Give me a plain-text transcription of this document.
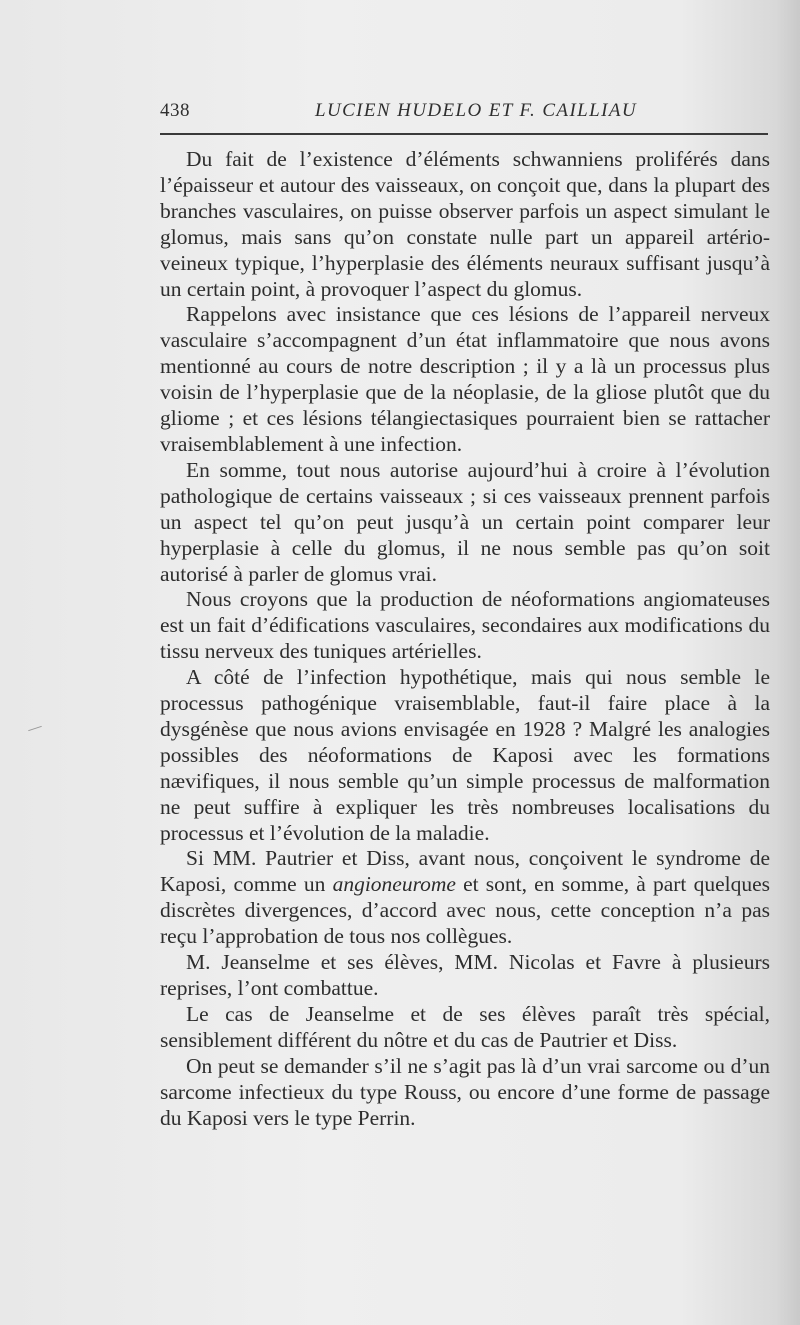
438	LUCIEN HUDELO ET F. CAILLIAU

Du fait de l’existence d’éléments schwanniens proliférés dans l’épaisseur et autour des vaisseaux, on conçoit que, dans la plupart des branches vasculaires, on puisse observer parfois un aspect simulant le glomus, mais sans qu’on constate nulle part un appareil artério-veineux typique, l’hyperplasie des éléments neuraux suffisant jusqu’à un certain point, à provoquer l’aspect du glomus.

Rappelons avec insistance que ces lésions de l’appareil nerveux vasculaire s’accompagnent d’un état inflammatoire que nous avons mentionné au cours de notre description ; il y a là un processus plus voisin de l’hyperplasie que de la néoplasie, de la gliose plutôt que du gliome ; et ces lésions télangiectasiques pourraient bien se rattacher vraisemblablement à une infection.

En somme, tout nous autorise aujourd’hui à croire à l’évolution pathologique de certains vaisseaux ; si ces vaisseaux prennent parfois un aspect tel qu’on peut jusqu’à un certain point comparer leur hyperplasie à celle du glomus, il ne nous semble pas qu’on soit autorisé à parler de glomus vrai.

Nous croyons que la production de néoformations angiomateuses est un fait d’édifications vasculaires, secondaires aux modifications du tissu nerveux des tuniques artérielles.

A côté de l’infection hypothétique, mais qui nous semble le processus pathogénique vraisemblable, faut-il faire place à la dysgénèse que nous avions envisagée en 1928 ? Malgré les analogies possibles des néoformations de Kaposi avec les formations nævifiques, il nous semble qu’un simple processus de malformation ne peut suffire à expliquer les très nombreuses localisations du processus et l’évolution de la maladie.

Si MM. Pautrier et Diss, avant nous, conçoivent le syndrome de Kaposi, comme un angioneurome et sont, en somme, à part quelques discrètes divergences, d’accord avec nous, cette conception n’a pas reçu l’approbation de tous nos collègues.

M. Jeanselme et ses élèves, MM. Nicolas et Favre à plusieurs reprises, l’ont combattue.

Le cas de Jeanselme et de ses élèves paraît très spécial, sensiblement différent du nôtre et du cas de Pautrier et Diss.

On peut se demander s’il ne s’agit pas là d’un vrai sarcome ou d’un sarcome infectieux du type Rouss, ou encore d’une forme de passage du Kaposi vers le type Perrin.
